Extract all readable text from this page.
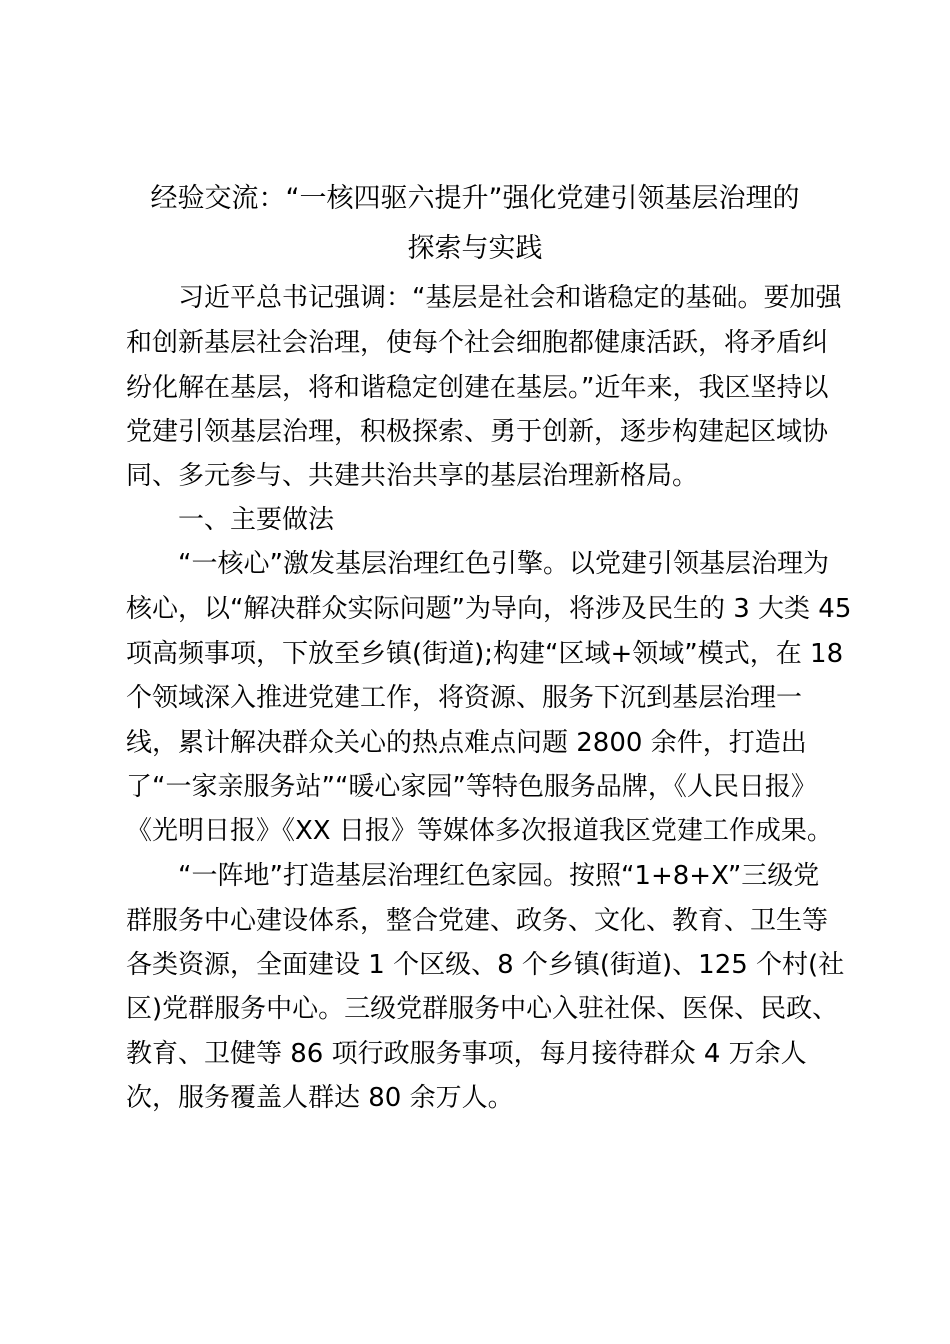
经验交流：“一核四驱六提升”强化党建引领基层治理的
探索与实践
习近平总书记强调：“基层是社会和谐稳定的基础。要加强
和创新基层社会治理，使每个社会细胞都健康活跃，将矛盾纠
纷化解在基层，将和谐稳定创建在基层。”近年来，我区坚持以
党建引领基层治理，积极探索、勇于创新，逐步构建起区域协
同、多元参与、共建共治共享的基层治理新格局。
一、主要做法
“一核心”激发基层治理红色引擎。以党建引领基层治理为
核心，以“解决群众实际问题”为导向，将涉及民生的 3 大类 45
项高频事项，下放至乡镇(街道);构建“区域+领域”模式，在 18
个领域深入推进党建工作，将资源、服务下沉到基层治理一
线，累计解决群众关心的热点难点问题 2800 余件，打造出
了“一家亲服务站”“暖心家园”等特色服务品牌，《人民日报》
《光明日报》《XX 日报》等媒体多次报道我区党建工作成果。
“一阵地”打造基层治理红色家园。按照“1+8+X”三级党
群服务中心建设体系，整合党建、政务、文化、教育、卫生等
各类资源，全面建设 1 个区级、8 个乡镇(街道)、125 个村(社
区)党群服务中心。三级党群服务中心入驻社保、医保、民政、
教育、卫健等 86 项行政服务事项，每月接待群众 4 万余人
次，服务覆盖人群达 80 余万人。
